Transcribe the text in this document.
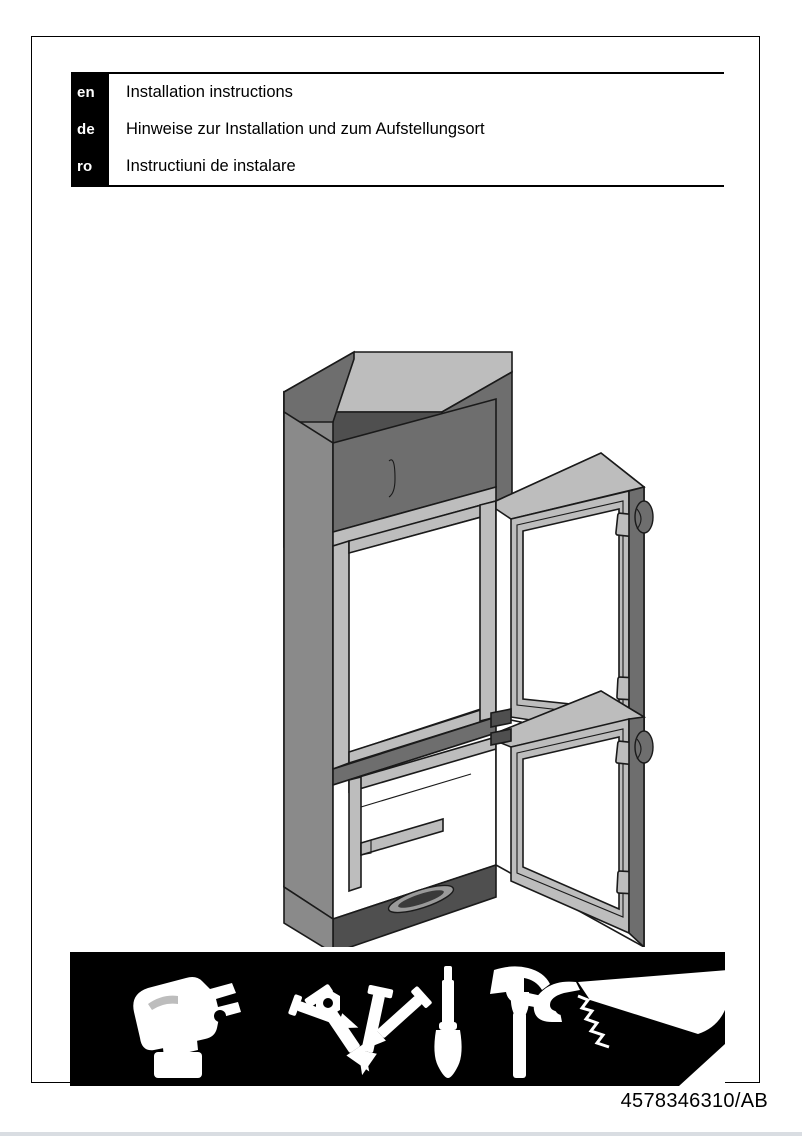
en	Installation instructions
de	Hinweise zur Installation und zum Aufstellungsort
ro	Instructiuni de instalare
4578346310/AB
